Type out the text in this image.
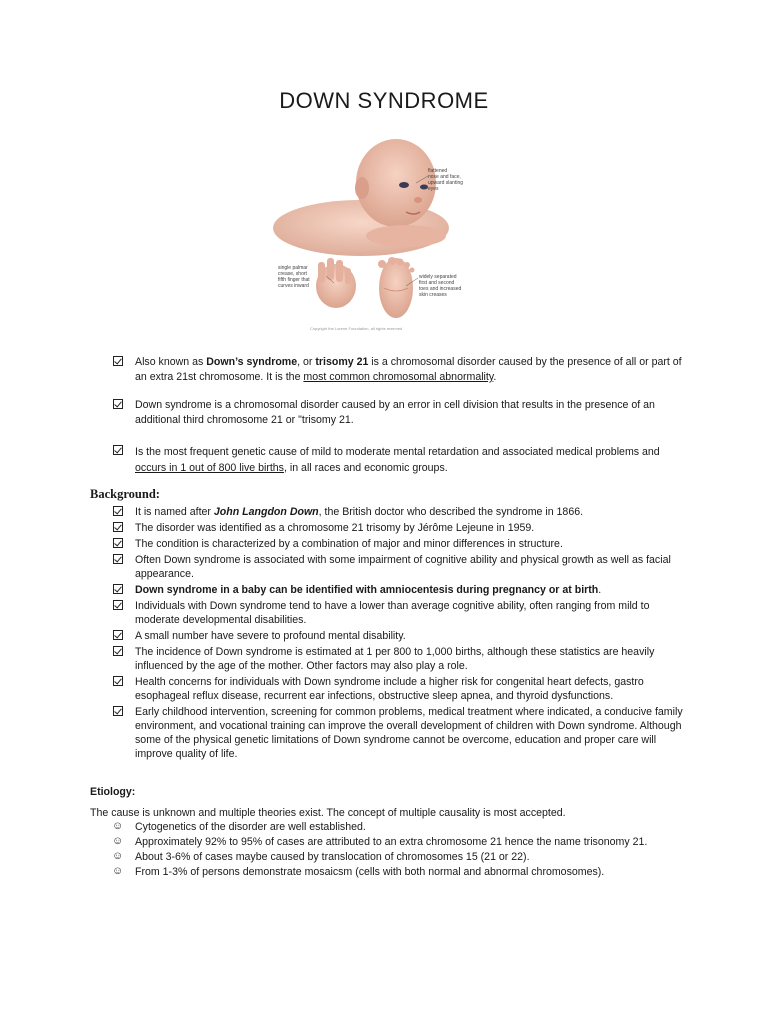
DOWN SYNDROME
flattened
nose and face,
upward slanting
eyes
single palmar
crease, short
fifth finger that
curves inward
widely separated
first and second
toes and increased
skin creases
Copyright the Lorene Foundation, all rights reserved
Also known as Down’s syndrome, or trisomy 21 is a chromosomal disorder caused by the presence of all or part of an extra 21st chromosome. It is the most common chromosomal abnormality.
Down syndrome is a chromosomal disorder caused by an error in cell division that results in the presence of an additional third chromosome 21 or "trisomy 21.
Is the most frequent genetic cause of mild to moderate mental retardation and associated medical problems and occurs in 1 out of 800 live births, in all races and economic groups.
Background:
It is named after John Langdon Down, the British doctor who described the syndrome in 1866.
The disorder was identified as a chromosome 21 trisomy by Jérôme Lejeune in 1959.
The condition is characterized by a combination of major and minor differences in structure.
Often Down syndrome is associated with some impairment of cognitive ability and physical growth as well as facial appearance.
Down syndrome in a baby can be identified with amniocentesis during pregnancy or at birth.
Individuals with Down syndrome tend to have a lower than average cognitive ability, often ranging from mild to moderate developmental disabilities.
A small number have severe to profound mental disability.
The incidence of Down syndrome is estimated at 1 per 800 to 1,000 births, although these statistics are heavily influenced by the age of the mother. Other factors may also play a role.
Health concerns for individuals with Down syndrome include a higher risk for congenital heart defects, gastro esophageal reflux disease, recurrent ear infections, obstructive sleep apnea, and thyroid dysfunctions.
Early childhood intervention, screening for common problems, medical treatment where indicated, a conducive family environment, and vocational training can improve the overall development of children with Down syndrome. Although some of the physical genetic limitations of Down syndrome cannot be overcome, education and proper care will improve quality of life.
Etiology:
The cause is unknown and multiple theories exist. The concept of multiple causality is most accepted.
☺ Cytogenetics of the disorder are well established.
☺ Approximately 92% to 95% of cases are attributed to an extra chromosome 21 hence the name trisonomy 21.
☺ About 3-6% of cases maybe caused by translocation of chromosomes 15 (21 or 22).
☺ From 1-3% of persons demonstrate mosaicsm (cells with both normal and abnormal chromosomes).
